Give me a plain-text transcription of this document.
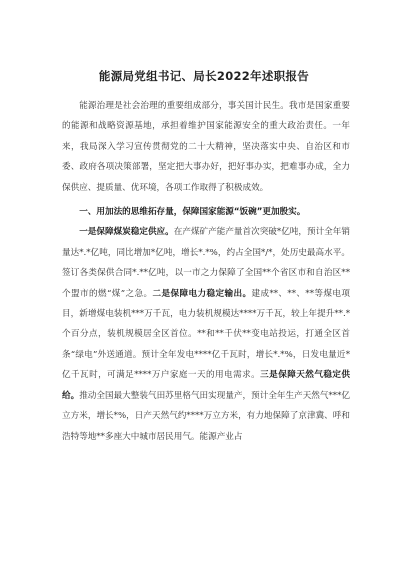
能源局党组书记、局长2022年述职报告

能源治理是社会治理的重要组成部分，事关国计民生。我市是国家重要的能源和战略资源基地，承担着维护国家能源安全的重大政治责任。一年来，我局深入学习宣传贯彻党的二十大精神，坚决落实中央、自治区和市委、政府各项决策部署，坚定把大事办好，把好事办实，把难事办成，全力保供应、提质量、优环境，各项工作取得了积极成效。

一、用加法的思维拓存量，保障国家能源“饭碗”更加殷实。

一是保障煤炭稳定供应。在产煤矿产能产量首次突破*亿吨，预计全年销量达*.*亿吨，同比增加*亿吨，增长*.*%，约占全国*/*，处历史最高水平。签订各类保供合同*.**亿吨，以一市之力保障了全国**个省区市和自治区**个盟市的燃“煤”之急。二是保障电力稳定输出。建成**、**、**等煤电项目，新增煤电装机***万千瓦，电力装机规模达****万千瓦，较上年提升**.*个百分点，装机规模居全区首位。**和**千伏**变电站投运，打通全区首条“绿电”外送通道。预计全年发电****亿千瓦时，增长*.*%，日发电量近*亿千瓦时，可满足****万户家庭一天的用电需求。三是保障天然气稳定供给。推动全国最大整装气田苏里格气田实现量产，预计全年生产天然气***亿立方米，增长*%，日产天然气约****万立方米，有力地保障了京津冀、呼和浩特等地**多座大中城市居民用气。能源产业占
